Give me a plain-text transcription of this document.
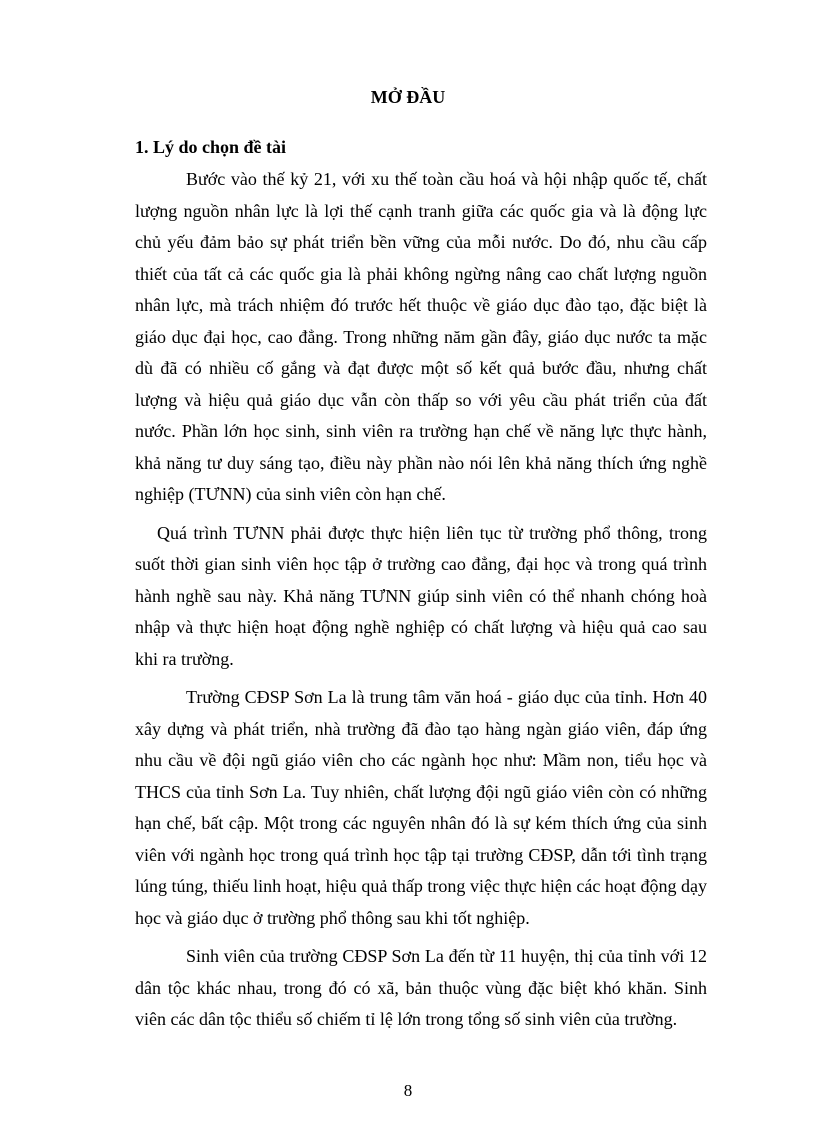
MỞ ĐẦU
1. Lý do chọn đề tài

Bước vào thế kỷ 21, với xu thế toàn cầu hoá và hội nhập quốc tế, chất lượng nguồn nhân lực là lợi thế cạnh tranh giữa các quốc gia và là động lực chủ yếu đảm bảo sự phát triển bền vững của mỗi nước. Do đó, nhu cầu cấp thiết của tất cả các quốc gia là phải không ngừng nâng cao chất lượng nguồn nhân lực, mà trách nhiệm đó trước hết thuộc về giáo dục đào tạo, đặc biệt là giáo dục đại học, cao đẳng. Trong những năm gần đây, giáo dục nước ta mặc dù đã có nhiều cố gắng và đạt được một số kết quả bước đầu, nhưng chất lượng và hiệu quả giáo dục vẫn còn thấp so với yêu cầu phát triển của đất nước. Phần lớn học sinh, sinh viên ra trường hạn chế về năng lực thực hành, khả năng tư duy sáng tạo, điều này phần nào nói lên khả năng thích ứng nghề nghiệp (TƯNN) của sinh viên còn hạn chế.

Quá trình TƯNN phải được thực hiện liên tục từ trường phổ thông, trong suốt thời gian sinh viên học tập ở trường cao đẳng, đại học và trong quá trình hành nghề sau này. Khả năng TƯNN giúp sinh viên có thể nhanh chóng hoà nhập và thực hiện hoạt động nghề nghiệp có chất lượng và hiệu quả cao sau khi ra trường.

Trường CĐSP Sơn La là trung tâm văn hoá - giáo dục của tỉnh. Hơn 40 xây dựng và phát triển, nhà trường đã đào tạo hàng ngàn giáo viên, đáp ứng nhu cầu về đội ngũ giáo viên cho các ngành học như: Mầm non, tiểu học và THCS của tỉnh Sơn La. Tuy nhiên, chất lượng đội ngũ giáo viên còn có những hạn chế, bất cập. Một trong các nguyên nhân đó là sự kém thích ứng của sinh viên với ngành học trong quá trình học tập tại trường CĐSP, dẫn tới tình trạng lúng túng, thiếu linh hoạt, hiệu quả thấp trong việc thực hiện các hoạt động dạy học và giáo dục ở trường phổ thông sau khi tốt nghiệp.

Sinh viên của trường CĐSP Sơn La đến từ 11 huyện, thị của tỉnh với 12 dân tộc khác nhau, trong đó có xã, bản thuộc vùng đặc biệt khó khăn. Sinh viên các dân tộc thiểu số chiếm tỉ lệ lớn trong tổng số sinh viên của trường.

8
